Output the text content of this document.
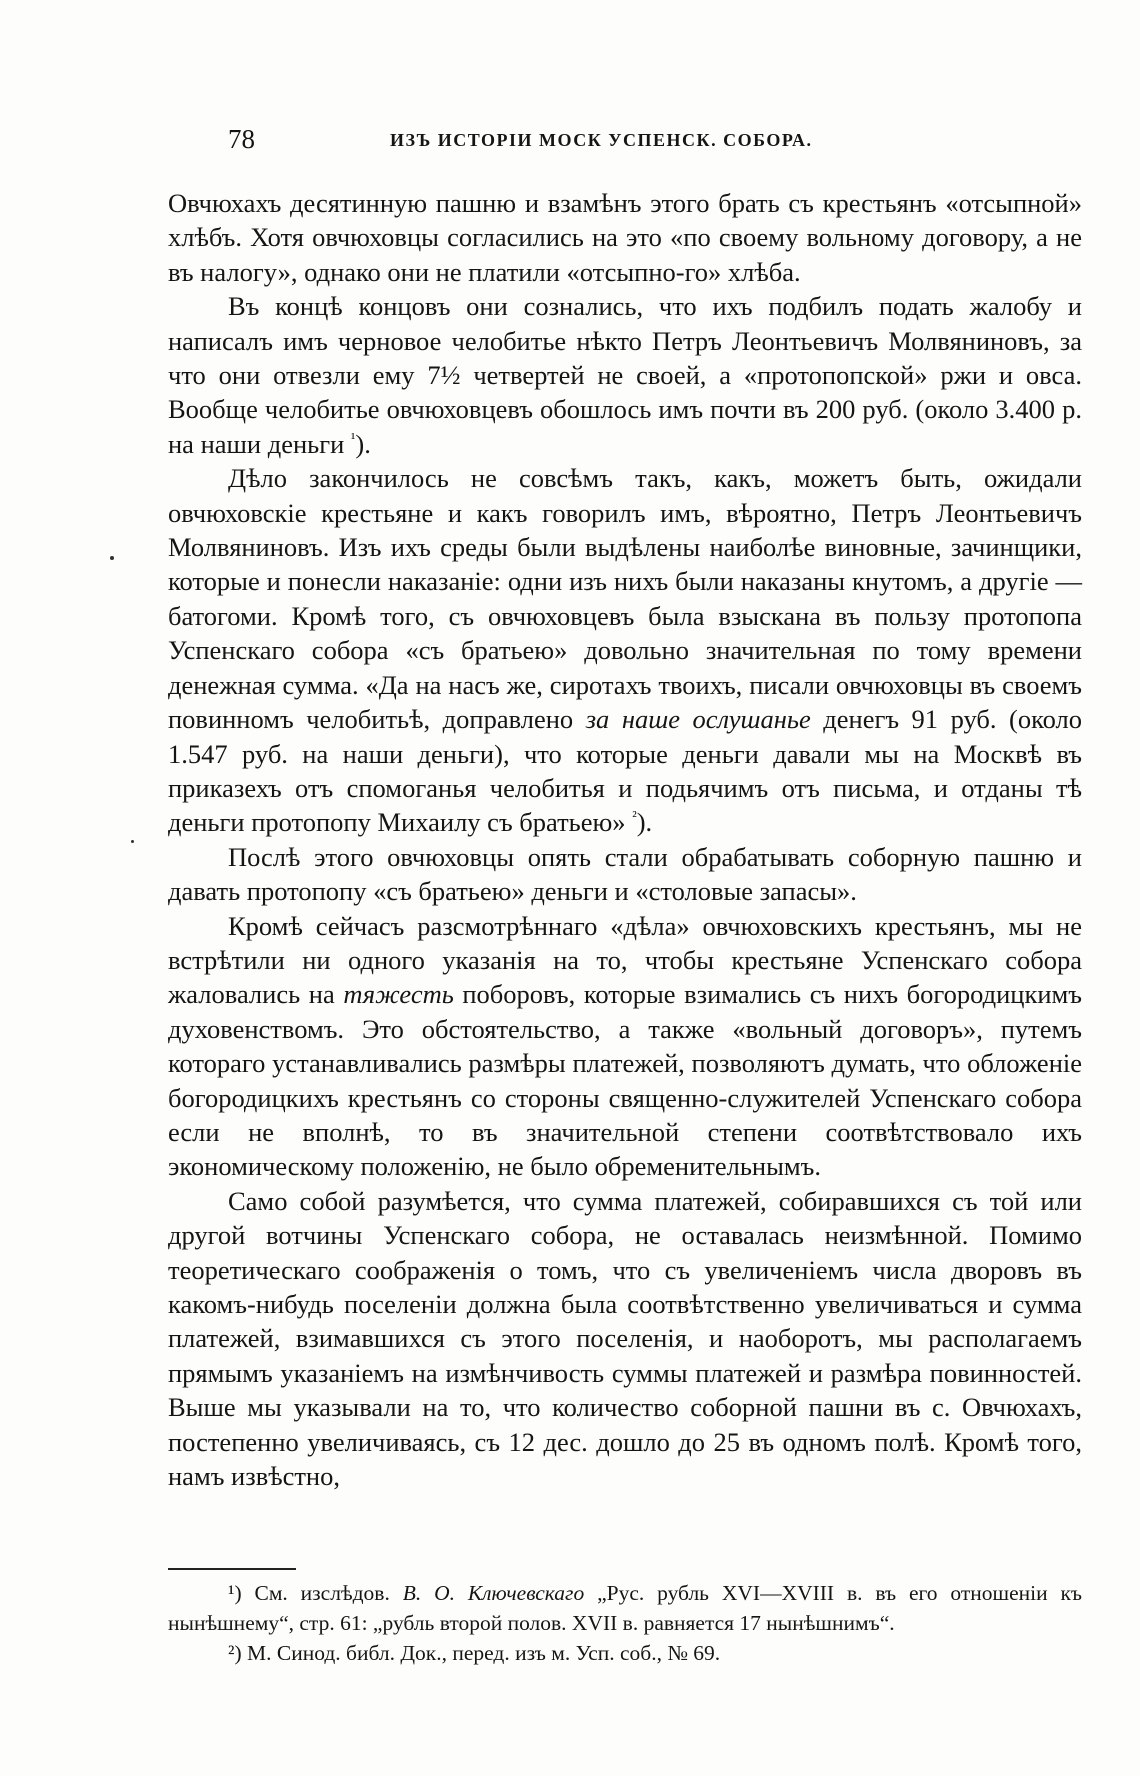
78	ИЗЪ ИСТОРІИ МОСК УСПЕНСК. СОБОРА.

Овчюхахъ десятинную пашню и взамѣнъ этого брать съ крестьянъ «отсыпной» хлѣбъ. Хотя овчюховцы согласились на это «по своему вольному договору, а не въ налогу», однако они не платили «отсыпно-го» хлѣба.

Въ концѣ концовъ они сознались, что ихъ подбилъ подать жалобу и написалъ имъ черновое челобитье нѣкто Петръ Леонтьевичъ Молвяниновъ, за что они отвезли ему 7½ четвертей не своей, а «протопопской» ржи и овса. Вообще челобитье овчюховцевъ обошлось имъ почти въ 200 руб. (около 3.400 р. на наши деньги $^{^1}$).

Дѣло закончилось не совсѣмъ такъ, какъ, можетъ быть, ожидали овчюховскіе крестьяне и какъ говорилъ имъ, вѣроятно, Петръ Леонтьевичъ Молвяниновъ. Изъ ихъ среды были выдѣлены наиболѣе виновные, зачинщики, которые и понесли наказаніе: одни изъ нихъ были наказаны кнутомъ, а другіе — батогоми. Кромѣ того, съ овчюховцевъ была взыскана въ пользу протопопа Успенскаго собора «съ братьею» довольно значительная по тому времени денежная сумма. «Да на насъ же, сиротахъ твоихъ, писали овчюховцы въ своемъ повинномъ челобитьѣ, доправлено за наше ослушанье денегъ 91 руб. (около 1.547 руб. на наши деньги), что которые деньги давали мы на Москвѣ въ приказехъ отъ спомоганья челобитья и подьячимъ отъ письма, и отданы тѣ деньги протопопу Михаилу съ братьею» $^{^2}$).

Послѣ этого овчюховцы опять стали обрабатывать соборную пашню и давать протопопу «съ братьею» деньги и «столовые запасы».

Кромѣ сейчасъ разсмотрѣннаго «дѣла» овчюховскихъ крестьянъ, мы не встрѣтили ни одного указанія на то, чтобы крестьяне Успенскаго собора жаловались на тяжесть поборовъ, которые взимались съ нихъ богородицкимъ духовенствомъ. Это обстоятельство, а также «вольный договоръ», путемъ котораго устанавливались размѣры платежей, позволяютъ думать, что обложеніе богородицкихъ крестьянъ со стороны священно-служителей Успенскаго собора если не вполнѣ, то въ значительной степени соотвѣтствовало ихъ экономическому положенію, не было обременительнымъ.

Само собой разумѣется, что сумма платежей, собиравшихся съ той или другой вотчины Успенскаго собора, не оставалась неизмѣнной. Помимо теоретическаго соображенія о томъ, что съ увеличеніемъ числа дворовъ въ какомъ-нибудь поселеніи должна была соотвѣтственно увеличиваться и сумма платежей, взимавшихся съ этого поселенія, и наоборотъ, мы располагаемъ прямымъ указаніемъ на измѣнчивость суммы платежей и размѣра повинностей. Выше мы указывали на то, что количество соборной пашни въ с. Овчюхахъ, постепенно увеличиваясь, съ 12 дес. дошло до 25 въ одномъ полѣ. Кромѣ того, намъ извѣстно,

¹) См. изслѣдов. В. О. Ключевскаго „Рус. рубль XVI—XVIII в. въ его отношеніи къ нынѣшнему“, стр. 61: „рубль второй полов. XVII в. равняется 17 нынѣшнимъ“.

²) М. Синод. библ. Док., перед. изъ м. Усп. соб., № 69.
